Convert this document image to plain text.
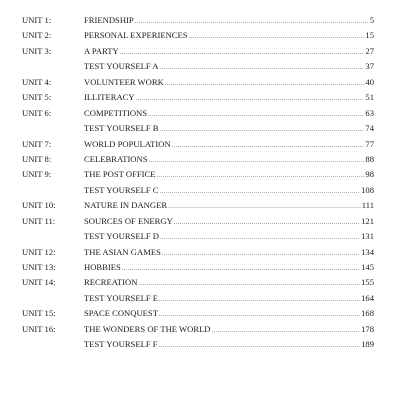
UNIT 1:	FRIENDSHIP .....	5
UNIT 2:	PERSONAL EXPERIENCES .....	15
UNIT 3:	A PARTY .....	27
TEST YOURSELF A .....	37
UNIT 4:	VOLUNTEER WORK .....	40
UNIT 5:	ILLITERACY .....	51
UNIT 6:	COMPETITIONS .....	63
TEST YOURSELF B .....	74
UNIT 7:	WORLD POPULATION .....	77
UNIT 8:	CELEBRATIONS .....	88
UNIT 9:	THE POST OFFICE .....	98
TEST YOURSELF C .....	108
UNIT 10:	NATURE IN DANGER .....	111
UNIT 11:	SOURCES OF ENERGY .....	121
TEST YOURSELF D .....	131
UNIT 12:	THE ASIAN GAMES .....	134
UNIT 13:	HOBBIES .....	145
UNIT 14:	RECREATION .....	155
TEST YOURSELF E .....	164
UNIT 15:	SPACE CONQUEST .....	168
UNIT 16:	THE WONDERS OF THE WORLD .....	178
TEST YOURSELF F .....	189
